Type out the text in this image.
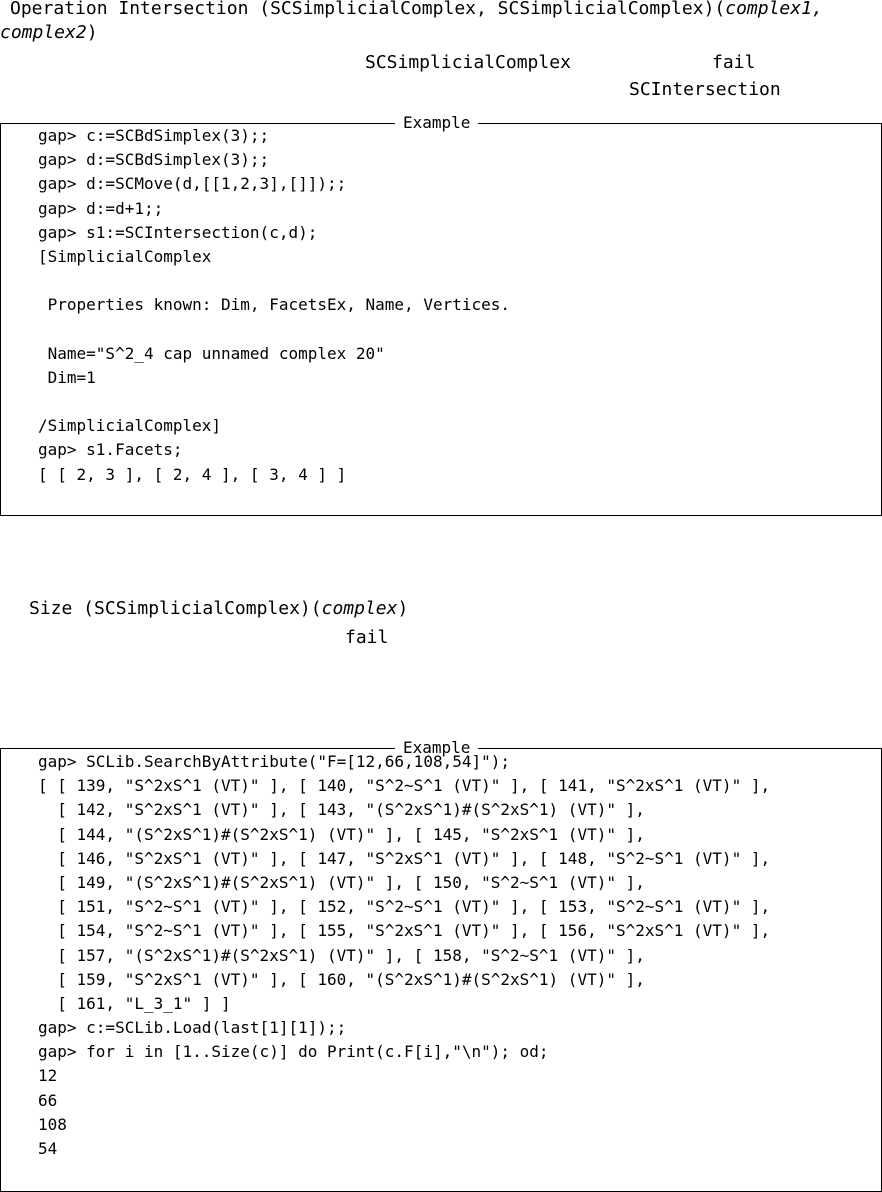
Operation Intersection (SCSimplicialComplex, SCSimplicialComplex)(complex1,
complex2)
SCSimplicialComplex	fail
SCIntersection
Example
gap> c:=SCBdSimplex(3);;
gap> d:=SCBdSimplex(3);;
gap> d:=SCMove(d,[[1,2,3],[]]);;
gap> d:=d+1;;
gap> s1:=SCIntersection(c,d);
[SimplicialComplex
Properties known: Dim, FacetsEx, Name, Vertices.
Name="S^2_4 cap unnamed complex 20"
Dim=1
/SimplicialComplex]
gap> s1.Facets;
[ [ 2, 3 ], [ 2, 4 ], [ 3, 4 ] ]
Size (SCSimplicialComplex)(complex)
fail
Example
gap> SCLib.SearchByAttribute("F=[12,66,108,54]");
[ [ 139, "S^2xS^1 (VT)" ], [ 140, "S^2~S^1 (VT)" ], [ 141, "S^2xS^1 (VT)" ],
[ 142, "S^2xS^1 (VT)" ], [ 143, "(S^2xS^1)#(S^2xS^1) (VT)" ],
[ 144, "(S^2xS^1)#(S^2xS^1) (VT)" ], [ 145, "S^2xS^1 (VT)" ],
[ 146, "S^2xS^1 (VT)" ], [ 147, "S^2xS^1 (VT)" ], [ 148, "S^2~S^1 (VT)" ],
[ 149, "(S^2xS^1)#(S^2xS^1) (VT)" ], [ 150, "S^2~S^1 (VT)" ],
[ 151, "S^2~S^1 (VT)" ], [ 152, "S^2~S^1 (VT)" ], [ 153, "S^2~S^1 (VT)" ],
[ 154, "S^2~S^1 (VT)" ], [ 155, "S^2xS^1 (VT)" ], [ 156, "S^2xS^1 (VT)" ],
[ 157, "(S^2xS^1)#(S^2xS^1) (VT)" ], [ 158, "S^2~S^1 (VT)" ],
[ 159, "S^2xS^1 (VT)" ], [ 160, "(S^2xS^1)#(S^2xS^1) (VT)" ],
[ 161, "L_3_1" ] ]
gap> c:=SCLib.Load(last[1][1]);;
gap> for i in [1..Size(c)] do Print(c.F[i],"\n"); od;
12
66
108
54
